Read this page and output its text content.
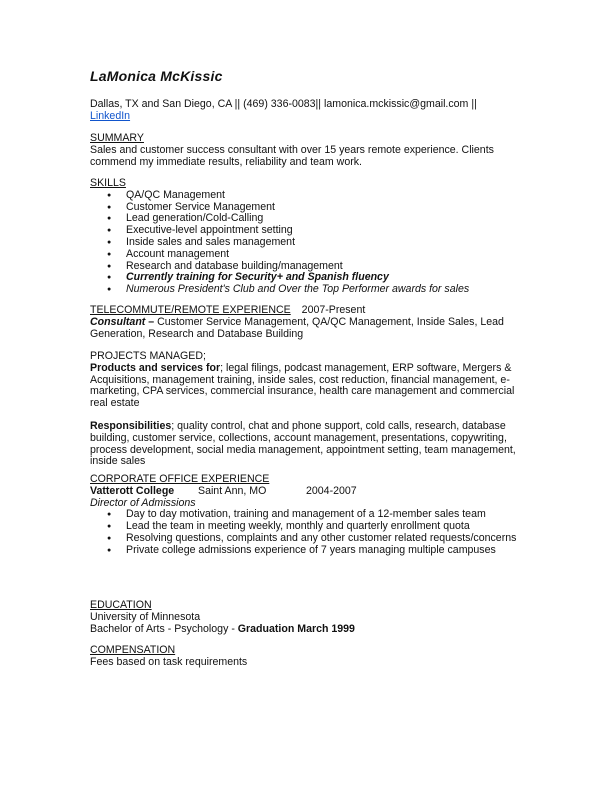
LaMonica McKissic
Dallas, TX and San Diego, CA || (469) 336-0083|| lamonica.mckissic@gmail.com ||
LinkedIn
SUMMARY
Sales and customer success consultant with over 15 years remote experience. Clients commend my immediate results, reliability and team work.
SKILLS
● QA/QC Management
● Customer Service Management
● Lead generation/Cold-Calling
● Executive-level appointment setting
● Inside sales and sales management
● Account management
● Research and database building/management
● Currently training for Security+ and Spanish fluency
● Numerous President's Club and Over the Top Performer awards for sales
TELECOMMUTE/REMOTE EXPERIENCE 2007-Present
Consultant – Customer Service Management, QA/QC Management, Inside Sales, Lead Generation, Research and Database Building
PROJECTS MANAGED;
Products and services for; legal filings, podcast management, ERP software, Mergers & Acquisitions, management training, inside sales, cost reduction, financial management, e-marketing, CPA services, commercial insurance, health care management and commercial real estate
Responsibilities; quality control, chat and phone support, cold calls, research, database building, customer service, collections, account management, presentations, copywriting, process development, social media management, appointment setting, team management, inside sales
CORPORATE OFFICE EXPERIENCE
Vatterott College Saint Ann, MO	2004-2007
Director of Admissions
● Day to day motivation, training and management of a 12-member sales team
● Lead the team in meeting weekly, monthly and quarterly enrollment quota
● Resolving questions, complaints and any other customer related requests/concerns
● Private college admissions experience of 7 years managing multiple campuses
EDUCATION
University of Minnesota
Bachelor of Arts - Psychology - Graduation March 1999
COMPENSATION
Fees based on task requirements
